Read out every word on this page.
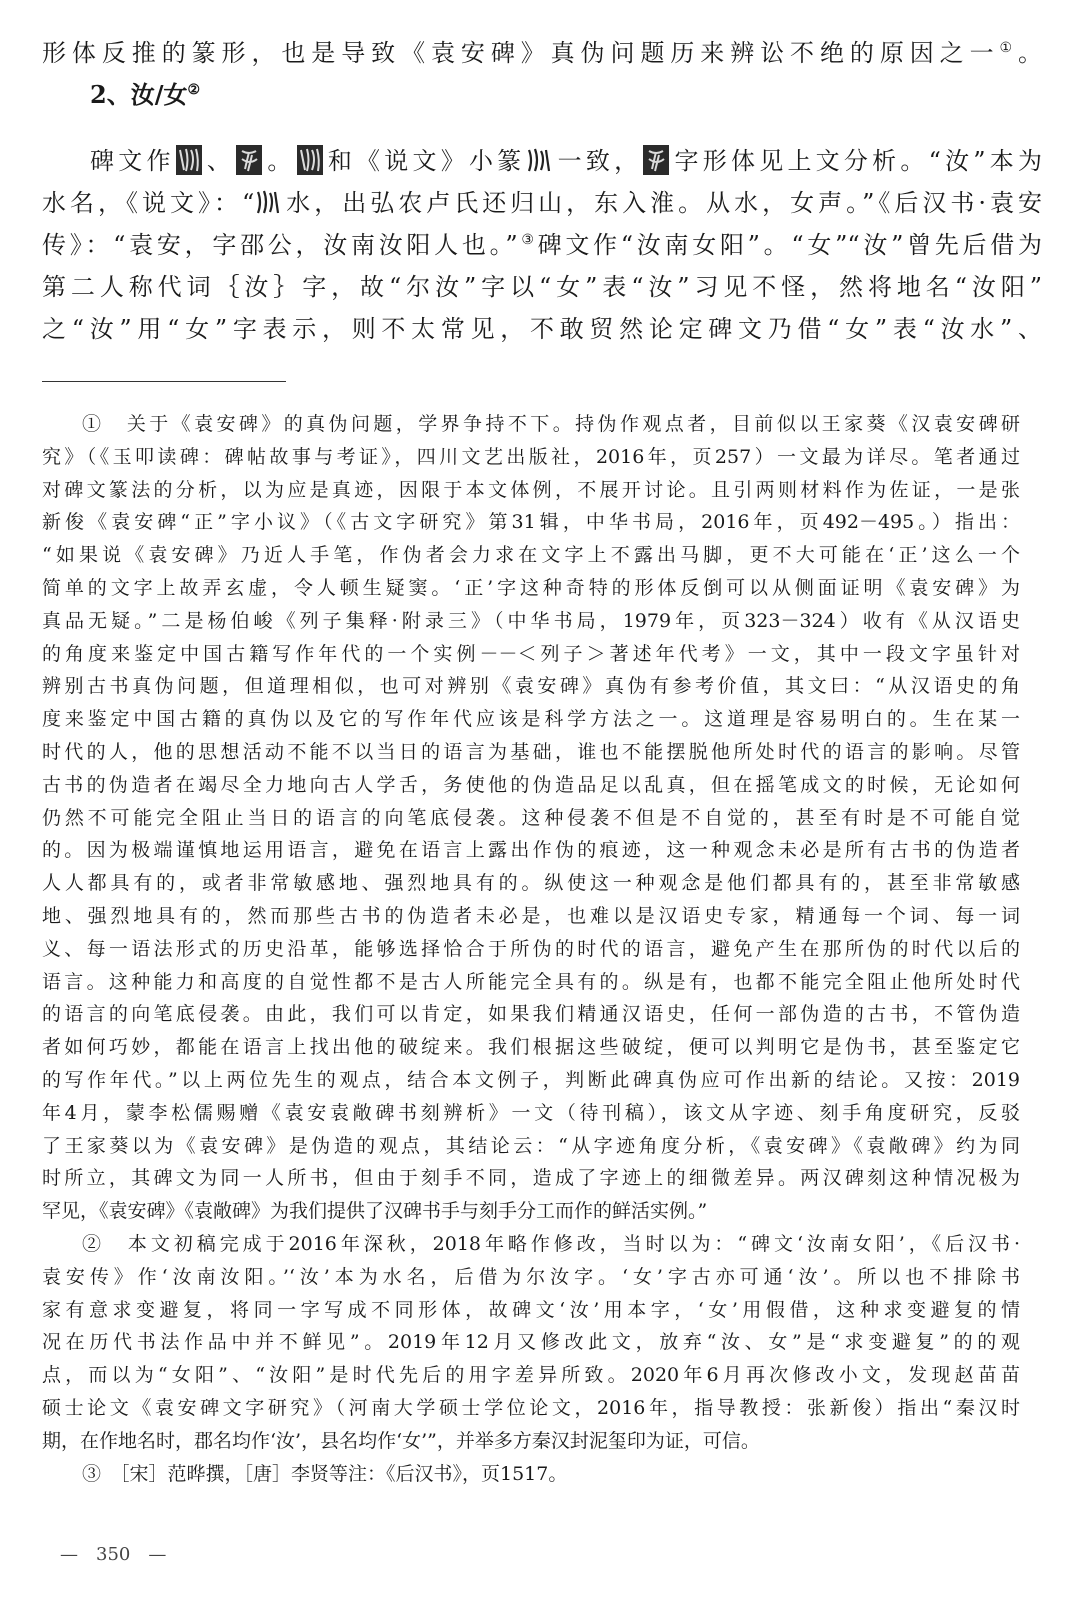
形体反推的篆形，也是导致《袁安碑》真伪问题历来辨讼不绝的原因之一①。
2、汝/女②
碑文作 、 。 和《说文》小篆 一致， 字形体见上文分析。“汝”本为
水名，《说文》：“ 水，出弘农卢氏还归山，东入淮。从水，女声。”《后汉书·袁安
传》：“袁安，字邵公，汝南汝阳人也。”③碑文作“汝南女阳”。“女”“汝”曾先后借为
第二人称代词｛汝｝字，故“尔汝”字以“女”表“汝”习见不怪，然将地名“汝阳”
之“汝”用“女”字表示，则不太常见，不敢贸然论定碑文乃借“女”表“汝水”、
①　关于《袁安碑》的真伪问题，学界争持不下。持伪作观点者，目前似以王家葵《汉袁安碑研
究》（《玉叩读碑：碑帖故事与考证》，四川文艺出版社，2016年，页257）一文最为详尽。笔者通过
对碑文篆法的分析，以为应是真迹，因限于本文体例，不展开讨论。且引两则材料作为佐证，一是张
新俊《袁安碑“正”字小议》（《古文字研究》第31辑，中华书局，2016年，页492－495。）指出：
“如果说《袁安碑》乃近人手笔，作伪者会力求在文字上不露出马脚，更不大可能在‘正’这么一个
简单的文字上故弄玄虚，令人顿生疑窦。‘正’字这种奇特的形体反倒可以从侧面证明《袁安碑》为
真品无疑。”二是杨伯峻《列子集释·附录三》（中华书局，1979年，页323－324）收有《从汉语史
的角度来鉴定中国古籍写作年代的一个实例－－＜列子＞著述年代考》一文，其中一段文字虽针对
辨别古书真伪问题，但道理相似，也可对辨别《袁安碑》真伪有参考价值，其文曰：“从汉语史的角
度来鉴定中国古籍的真伪以及它的写作年代应该是科学方法之一。这道理是容易明白的。生在某一
时代的人，他的思想活动不能不以当日的语言为基础，谁也不能摆脱他所处时代的语言的影响。尽管
古书的伪造者在竭尽全力地向古人学舌，务使他的伪造品足以乱真，但在摇笔成文的时候，无论如何
仍然不可能完全阻止当日的语言的向笔底侵袭。这种侵袭不但是不自觉的，甚至有时是不可能自觉
的。因为极端谨慎地运用语言，避免在语言上露出作伪的痕迹，这一种观念未必是所有古书的伪造者
人人都具有的，或者非常敏感地、强烈地具有的。纵使这一种观念是他们都具有的，甚至非常敏感
地、强烈地具有的，然而那些古书的伪造者未必是，也难以是汉语史专家，精通每一个词、每一词
义、每一语法形式的历史沿革，能够选择恰合于所伪的时代的语言，避免产生在那所伪的时代以后的
语言。这种能力和高度的自觉性都不是古人所能完全具有的。纵是有，也都不能完全阻止他所处时代
的语言的向笔底侵袭。由此，我们可以肯定，如果我们精通汉语史，任何一部伪造的古书，不管伪造
者如何巧妙，都能在语言上找出他的破绽来。我们根据这些破绽，便可以判明它是伪书，甚至鉴定它
的写作年代。”以上两位先生的观点，结合本文例子，判断此碑真伪应可作出新的结论。又按：2019
年4月，蒙李松儒赐赠《袁安袁敞碑书刻辨析》一文（待刊稿），该文从字迹、刻手角度研究，反驳
了王家葵以为《袁安碑》是伪造的观点，其结论云：“从字迹角度分析，《袁安碑》《袁敞碑》约为同
时所立，其碑文为同一人所书，但由于刻手不同，造成了字迹上的细微差异。两汉碑刻这种情况极为
罕见，《袁安碑》《袁敞碑》为我们提供了汉碑书手与刻手分工而作的鲜活实例。”
②　本文初稿完成于2016年深秋，2018年略作修改，当时以为：“碑文‘汝南女阳’，《后汉书·
袁安传》作‘汝南汝阳。’‘汝’本为水名，后借为尔汝字。‘女’字古亦可通‘汝’。所以也不排除书
家有意求变避复，将同一字写成不同形体，故碑文‘汝’用本字，‘女’用假借，这种求变避复的情
况在历代书法作品中并不鲜见”。2019年12月又修改此文，放弃“汝、女”是“求变避复”的的观
点，而以为“女阳”、“汝阳”是时代先后的用字差异所致。2020年6月再次修改小文，发现赵苗苗
硕士论文《袁安碑文字研究》（河南大学硕士学位论文，2016年，指导教授：张新俊）指出“秦汉时
期，在作地名时，郡名均作‘汝’，县名均作‘女’”，并举多方秦汉封泥玺印为证，可信。
③　［宋］范晔撰，［唐］李贤等注：《后汉书》，页1517。
—　350　—
